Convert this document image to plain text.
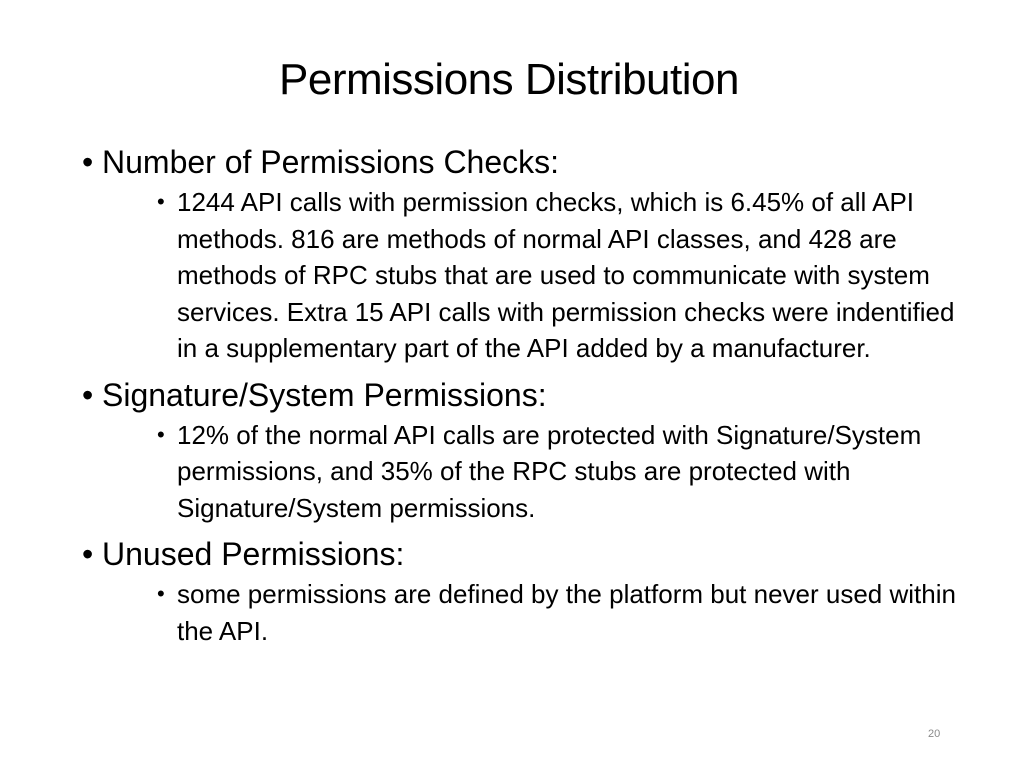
Permissions Distribution
• Number of Permissions Checks:
• 1244 API calls with permission checks, which is 6.45% of all API methods. 816 are methods of normal API classes, and 428 are methods of RPC stubs that are used to communicate with system services. Extra 15 API calls with permission checks were indentified in a supplementary part of the API added by a manufacturer.
• Signature/System Permissions:
• 12% of the normal API calls are protected with Signature/System permissions, and 35% of the RPC stubs are protected with Signature/System permissions.
• Unused Permissions:
• some permissions are defined by the platform but never used within the API.
20
